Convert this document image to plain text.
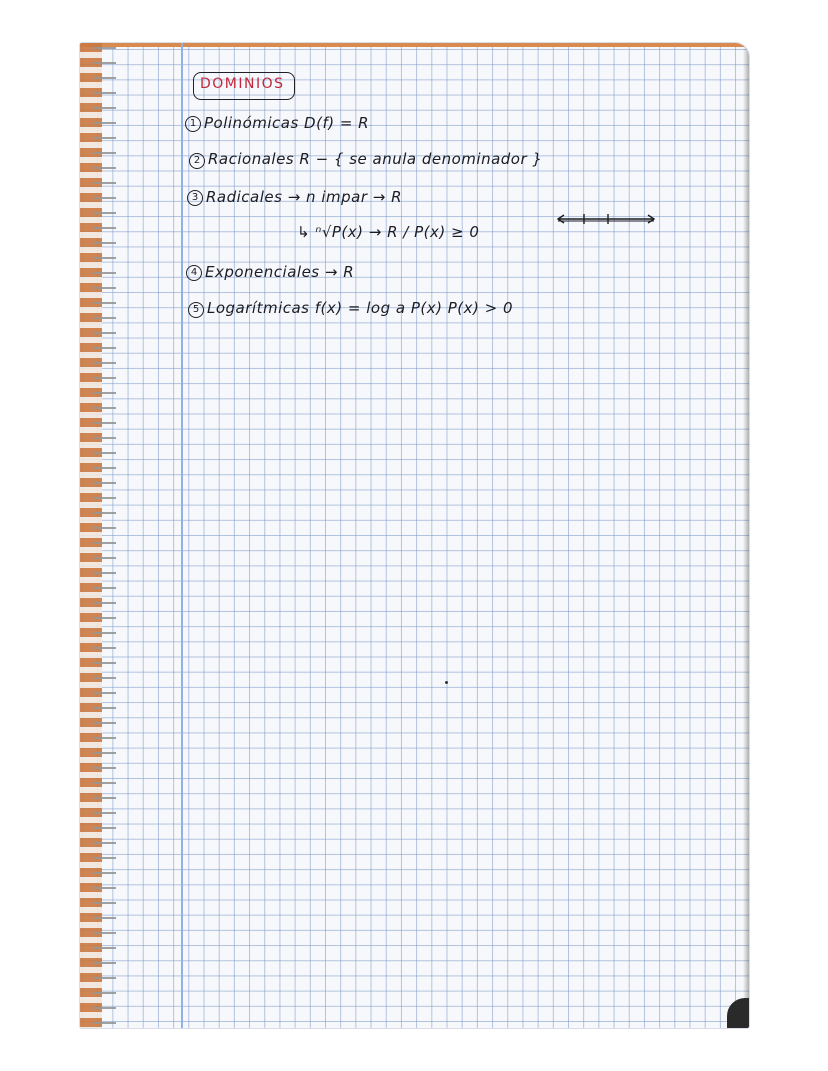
DOMINIOS
1 Polinómicas D(f) = R
2 Racionales R − { se anula denominador }
3 Radicales → n impar → R
↳ ⁿ√P(x) → R / P(x) ≥ 0
4 Exponenciales → R
5 Logarítmicas f(x) = log a P(x) P(x) > 0
